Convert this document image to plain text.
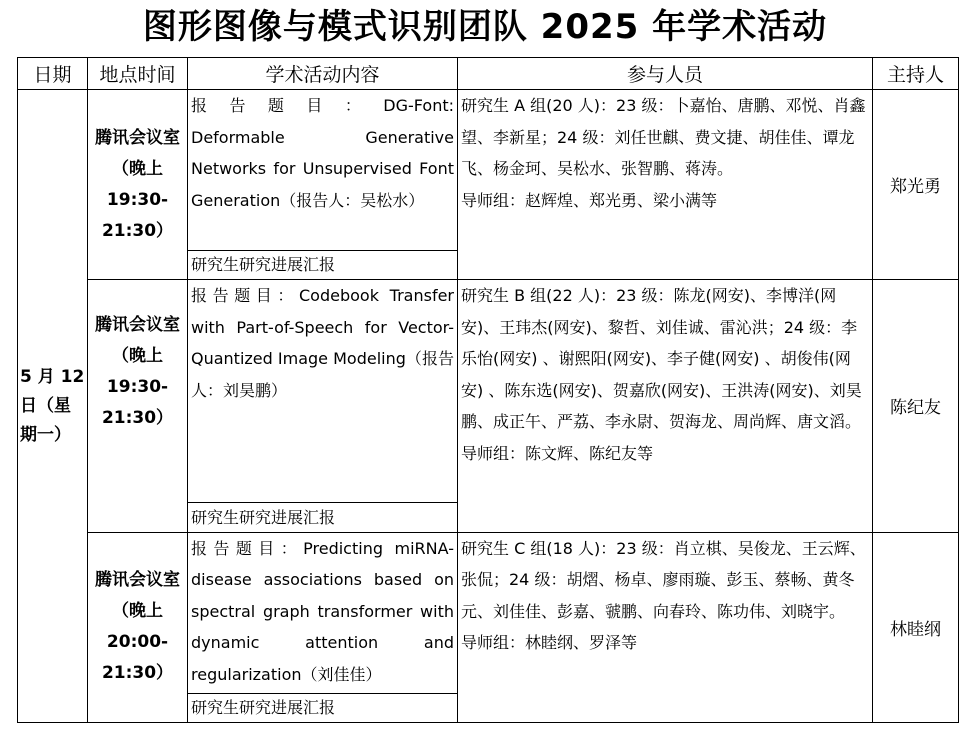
图形图像与模式识别团队 2025 年学术活动
日期	地点时间	学术活动内容	参与人员	主持人
5 月 12 日（星期一）	腾讯会议室（晚上 19:30-21:30）	报 告 题 目 ： DG-Font: Deformable Generative Networks for Unsupervised Font Generation（报告人：吴松水）	研究生 A 组(20 人)：23 级：卜嘉怡、唐鹏、邓悦、肖鑫望、李新星；24 级：刘任世麒、费文捷、胡佳佳、谭龙飞、杨金珂、吴松水、张智鹏、蒋涛。
导师组：赵辉煌、郑光勇、梁小满等	郑光勇
		研究生研究进展汇报		
	腾讯会议室（晚上 19:30-21:30）	报告题目：Codebook Transfer with Part-of-Speech for Vector-Quantized Image Modeling（报告人：刘昊鹏）	研究生 B 组(22 人)：23 级：陈龙(网安)、李博洋(网安)、王玮杰(网安)、黎哲、刘佳诚、雷沁洪；24 级：李乐怡(网安) 、谢熙阳(网安)、李子健(网安) 、胡俊伟(网安) 、陈东选(网安)、贺嘉欣(网安)、王洪涛(网安)、刘昊鹏、成正午、严荔、李永尉、贺海龙、周尚辉、唐文滔。
导师组：陈文辉、陈纪友等	陈纪友
		研究生研究进展汇报		
	腾讯会议室（晚上 20:00-21:30）	报告题目：Predicting miRNA-disease associations based on spectral graph transformer with dynamic attention and regularization（刘佳佳）	研究生 C 组(18 人)：23 级：肖立棋、吴俊龙、王云辉、张侃；24 级：胡熠、杨卓、廖雨璇、彭玉、蔡畅、黄冬元、刘佳佳、彭嘉、虢鹏、向春玲、陈功伟、刘晓宇。
导师组：林睦纲、罗泽等	林睦纲
		研究生研究进展汇报		
